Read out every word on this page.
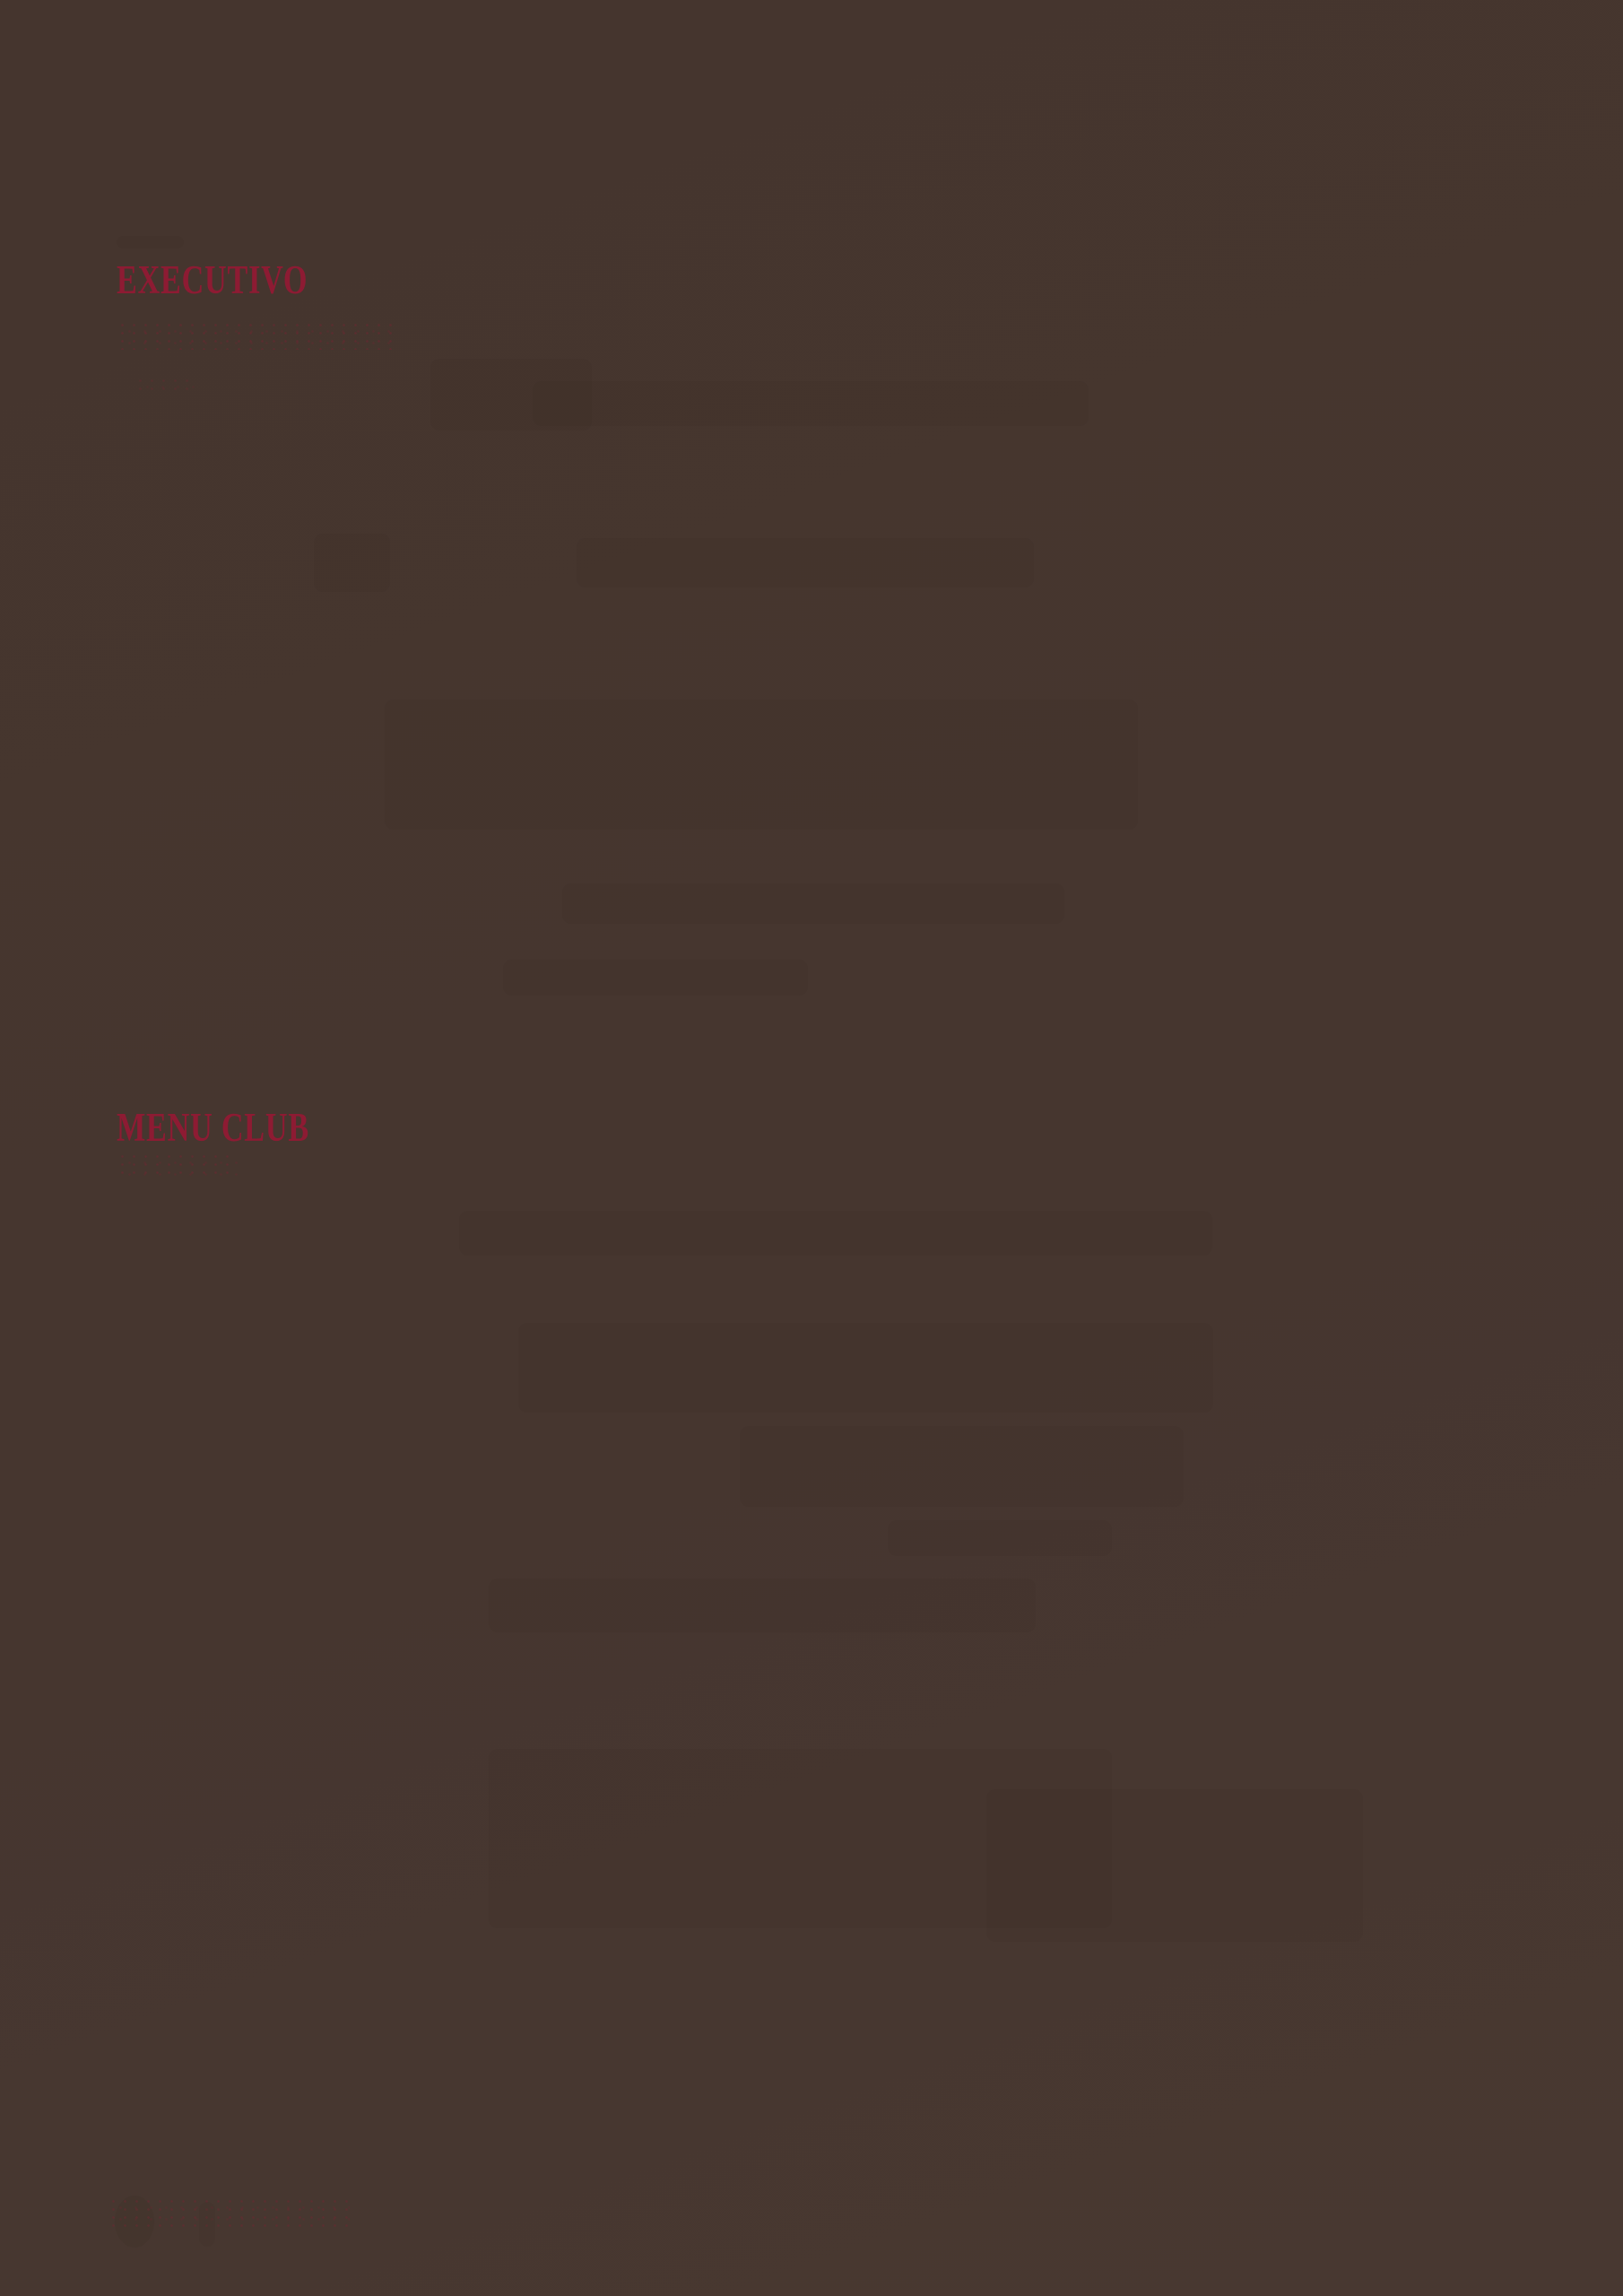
EXECUTIVO
MENU CLUB
